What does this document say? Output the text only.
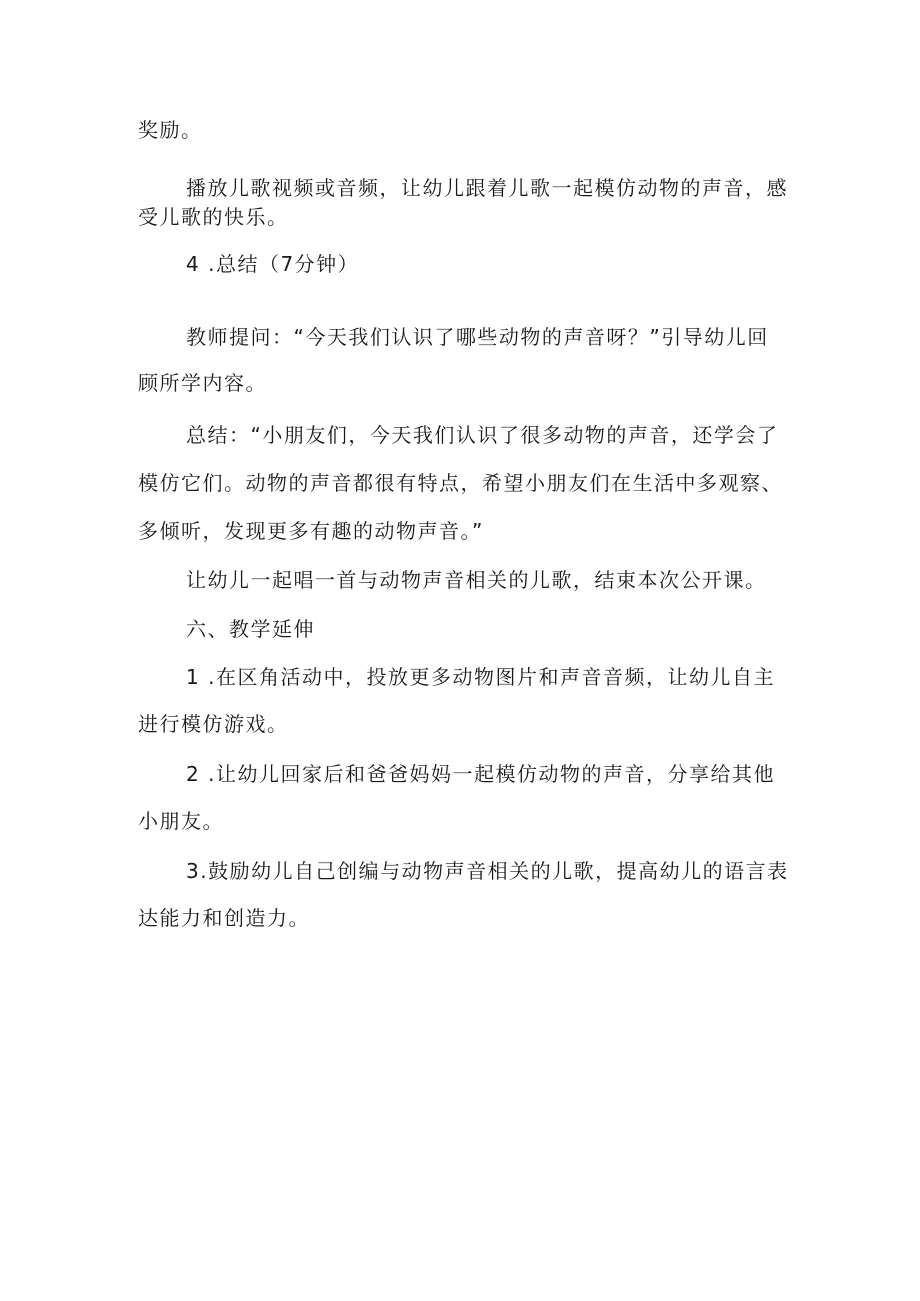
奖励。
播放儿歌视频或音频，让幼儿跟着儿歌一起模仿动物的声音，感
受儿歌的快乐。
4 .总结（7分钟）
教师提问：“今天我们认识了哪些动物的声音呀？”引导幼儿回
顾所学内容。
总结：“小朋友们，今天我们认识了很多动物的声音，还学会了
模仿它们。动物的声音都很有特点，希望小朋友们在生活中多观察、
多倾听，发现更多有趣的动物声音。”
让幼儿一起唱一首与动物声音相关的儿歌，结束本次公开课。
六、教学延伸
1 .在区角活动中，投放更多动物图片和声音音频，让幼儿自主
进行模仿游戏。
2 .让幼儿回家后和爸爸妈妈一起模仿动物的声音，分享给其他
小朋友。
3.鼓励幼儿自己创编与动物声音相关的儿歌，提高幼儿的语言表
达能力和创造力。
